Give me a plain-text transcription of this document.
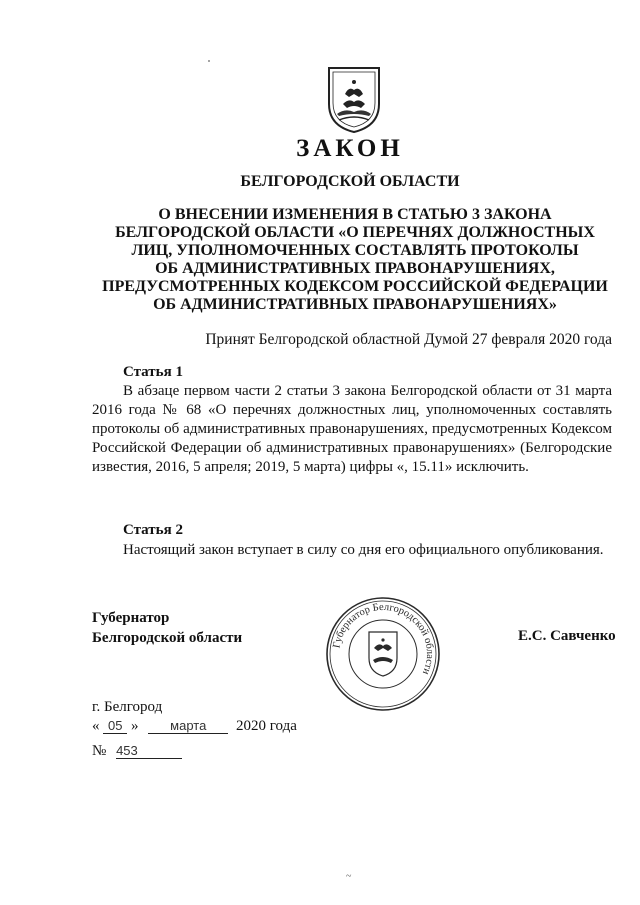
ЗАКОН
БЕЛГОРОДСКОЙ ОБЛАСТИ
О ВНЕСЕНИИ ИЗМЕНЕНИЯ В СТАТЬЮ 3 ЗАКОНА
БЕЛГОРОДСКОЙ ОБЛАСТИ «О ПЕРЕЧНЯХ ДОЛЖНОСТНЫХ
ЛИЦ, УПОЛНОМОЧЕННЫХ СОСТАВЛЯТЬ ПРОТОКОЛЫ
ОБ АДМИНИСТРАТИВНЫХ ПРАВОНАРУШЕНИЯХ,
ПРЕДУСМОТРЕННЫХ КОДЕКСОМ РОССИЙСКОЙ ФЕДЕРАЦИИ
ОБ АДМИНИСТРАТИВНЫХ ПРАВОНАРУШЕНИЯХ»
Принят Белгородской областной Думой 27 февраля 2020 года
Статья 1

В абзаце первом части 2 статьи 3 закона Белгородской области от 31 марта 2016 года № 68 «О перечнях должностных лиц, уполномоченных составлять протоколы об административных правонарушениях, предусмотренных Кодексом Российской Федерации об административных правонарушениях» (Белгородские известия, 2016, 5 апреля; 2019, 5 марта) цифры «, 15.11» исключить.

Статья 2

Настоящий закон вступает в силу со дня его официального опубликования.

Губернатор
Белгородской области	Губернатор Белгородской области
Е.С. Савченко
г. Белгород
« 05 » марта 2020 года
№ 453
~
